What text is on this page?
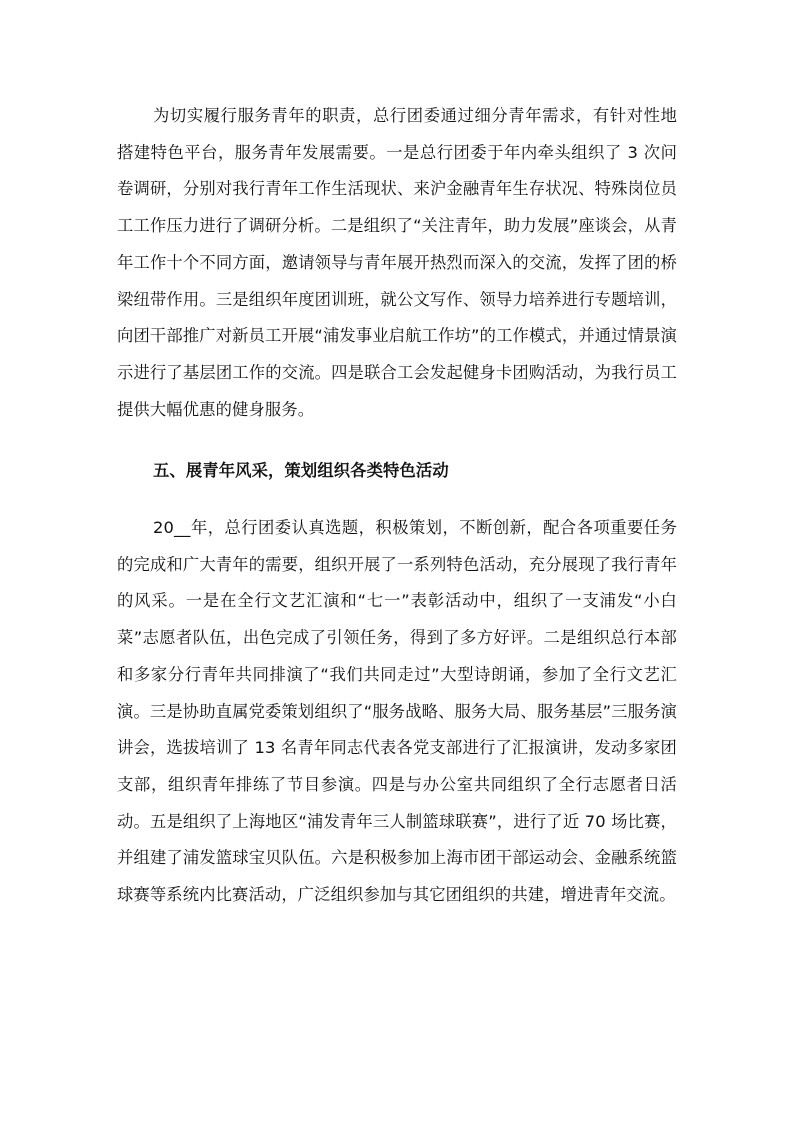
为切实履行服务青年的职责，总行团委通过细分青年需求，有针对性地搭建特色平台，服务青年发展需要。一是总行团委于年内牵头组织了 3 次问卷调研，分别对我行青年工作生活现状、来沪金融青年生存状况、特殊岗位员工工作压力进行了调研分析。二是组织了“关注青年，助力发展”座谈会，从青年工作十个不同方面，邀请领导与青年展开热烈而深入的交流，发挥了团的桥梁纽带作用。三是组织年度团训班，就公文写作、领导力培养进行专题培训，向团干部推广对新员工开展“浦发事业启航工作坊”的工作模式，并通过情景演示进行了基层团工作的交流。四是联合工会发起健身卡团购活动，为我行员工提供大幅优惠的健身服务。

五、展青年风采，策划组织各类特色活动

20__年，总行团委认真选题，积极策划，不断创新，配合各项重要任务的完成和广大青年的需要，组织开展了一系列特色活动，充分展现了我行青年的风采。一是在全行文艺汇演和“七一”表彰活动中，组织了一支浦发“小白菜”志愿者队伍，出色完成了引领任务，得到了多方好评。二是组织总行本部和多家分行青年共同排演了“我们共同走过”大型诗朗诵，参加了全行文艺汇演。三是协助直属党委策划组织了“服务战略、服务大局、服务基层”三服务演讲会，选拔培训了 13 名青年同志代表各党支部进行了汇报演讲，发动多家团支部，组织青年排练了节目参演。四是与办公室共同组织了全行志愿者日活动。五是组织了上海地区“浦发青年三人制篮球联赛”，进行了近 70 场比赛，并组建了浦发篮球宝贝队伍。六是积极参加上海市团干部运动会、金融系统篮球赛等系统内比赛活动，广泛组织参加与其它团组织的共建，增进青年交流。
